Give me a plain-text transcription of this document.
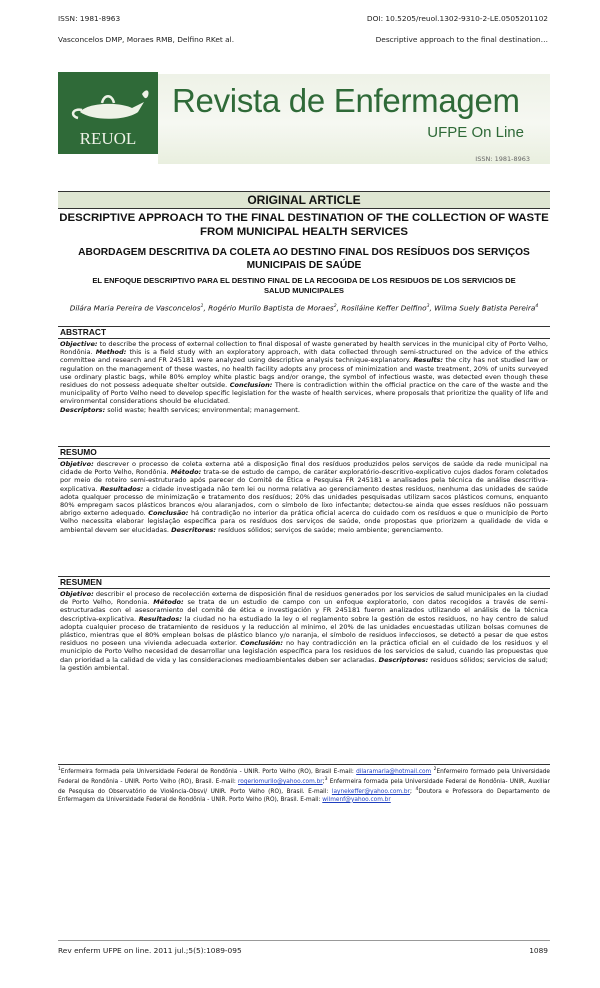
ISSN: 1981-8963	DOI: 10.5205/reuol.1302-9310-2-LE.0505201102
Vasconcelos DMP, Moraes RMB, Delfino RKet al.	Descriptive approach to the final destination…
REUOL
Revista de Enfermagem
UFPE On Line
ISSN: 1981-8963
ORIGINAL ARTICLE
DESCRIPTIVE APPROACH TO THE FINAL DESTINATION OF THE COLLECTION OF WASTE FROM MUNICIPAL HEALTH SERVICES
ABORDAGEM DESCRITIVA DA COLETA AO DESTINO FINAL DOS RESÍDUOS DOS SERVIÇOS MUNICIPAIS DE SAÚDE
EL ENFOQUE DESCRIPTIVO PARA EL DESTINO FINAL DE LA RECOGIDA DE LOS RESIDUOS DE LOS SERVICIOS DE SALUD MUNICIPALES
Dilára Maria Pereira de Vasconcelos$^1$, Rogério Murilo Baptista de Moraes$^2$, Rosiláine Keffer Delfino$^3$, Wilma Suely Batista Pereira$^4$
ABSTRACT
Objective: to describe the process of external collection to final disposal of waste generated by health services in the municipal city of Porto Velho, Rondônia. Method: this is a field study with an exploratory approach, with data collected through semi-structured on the advice of the ethics committee and research and FR 245181 were analyzed using descriptive analysis technique-explanatory. Results: the city has not studied law or regulation on the management of these wastes, no health facility adopts any process of minimization and waste treatment, 20% of units surveyed use ordinary plastic bags, while 80% employ white plastic bags and/or orange, the symbol of infectious waste, was detected even though these residues do not possess adequate shelter outside. Conclusion: There is contradiction within the official practice on the care of the waste and the municipality of Porto Velho need to develop specific legislation for the waste of health services, where proposals that prioritize the quality of life and environmental considerations should be elucidated.
Descriptors: solid waste; health services; environmental; management.
RESUMO
Objetivo: descrever o processo de coleta externa até a disposição final dos resíduos produzidos pelos serviços de saúde da rede municipal na cidade de Porto Velho, Rondônia. Método: trata-se de estudo de campo, de caráter exploratório-descritivo-explicativo cujos dados foram coletados por meio de roteiro semi-estruturado após parecer do Comitê de Ética e Pesquisa FR 245181 e analisados pela técnica de análise descritiva-explicativa. Resultados: a cidade investigada não tem lei ou norma relativa ao gerenciamento destes resíduos, nenhuma das unidades de saúde adota qualquer processo de minimização e tratamento dos resíduos; 20% das unidades pesquisadas utilizam sacos plásticos comuns, enquanto 80% empregam sacos plásticos brancos e/ou alaranjados, com o símbolo de lixo infectante; detectou-se ainda que esses resíduos não possuam abrigo externo adequado. Conclusão: há contradição no interior da prática oficial acerca do cuidado com os resíduos e que o município de Porto Velho necessita elaborar legislação específica para os resíduos dos serviços de saúde, onde propostas que priorizem a qualidade de vida e ambiental devem ser elucidadas. Descritores: resíduos sólidos; serviços de saúde; meio ambiente; gerenciamento.
RESUMEN
Objetivo: describir el proceso de recolección externa de disposición final de residuos generados por los servicios de salud municipales en la ciudad de Porto Velho, Rondonia. Método: se trata de un estudio de campo con un enfoque exploratorio, con datos recogidos a través de semi-estructuradas con el asesoramiento del comité de ética e investigación y FR 245181 fueron analizados utilizando el análisis de la técnica descriptiva-explicativa. Resultados: la ciudad no ha estudiado la ley o el reglamento sobre la gestión de estos residuos, no hay centro de salud adopta cualquier proceso de tratamiento de residuos y la reducción al mínimo, el 20% de las unidades encuestadas utilizan bolsas comunes de plástico, mientras que el 80% emplean bolsas de plástico blanco y/o naranja, el símbolo de residuos infecciosos, se detectó a pesar de que estos residuos no poseen una vivienda adecuada exterior. Conclusión: no hay contradicción en la práctica oficial en el cuidado de los residuos y el municipio de Porto Velho necesidad de desarrollar una legislación específica para los residuos de los servicios de salud, cuando las propuestas que dan prioridad a la calidad de vida y las consideraciones medioambientales deben ser aclaradas. Descriptores: residuos sólidos; servicios de salud; la gestión ambiental.
$^1$Enfermeira formada pela Universidade Federal de Rondônia - UNIR. Porto Velho (RO), Brasil E-mail: dilaramaria@hotmail.com $^2$Enfermeiro formado pela Universidade Federal de Rondônia - UNIR. Porto Velho (RO), Brasil. E-mail: rogeriomurilo@yahoo.com.br;$^3$ Enfermeira formada pela Universidade Federal de Rondônia- UNIR, Auxiliar de Pesquisa do Observatório de Violência-Obsvi/ UNIR. Porto Velho (RO), Brasil. E-mail: laynekeffer@yahoo.com.br; $^4$Doutora e Professora do Departamento de Enfermagem da Universidade Federal de Rondônia - UNIR. Porto Velho (RO), Brasil. E-mail: wilmenf@yahoo.com.br
Rev enferm UFPE on line. 2011 jul.;5(5):1089-095	1089
